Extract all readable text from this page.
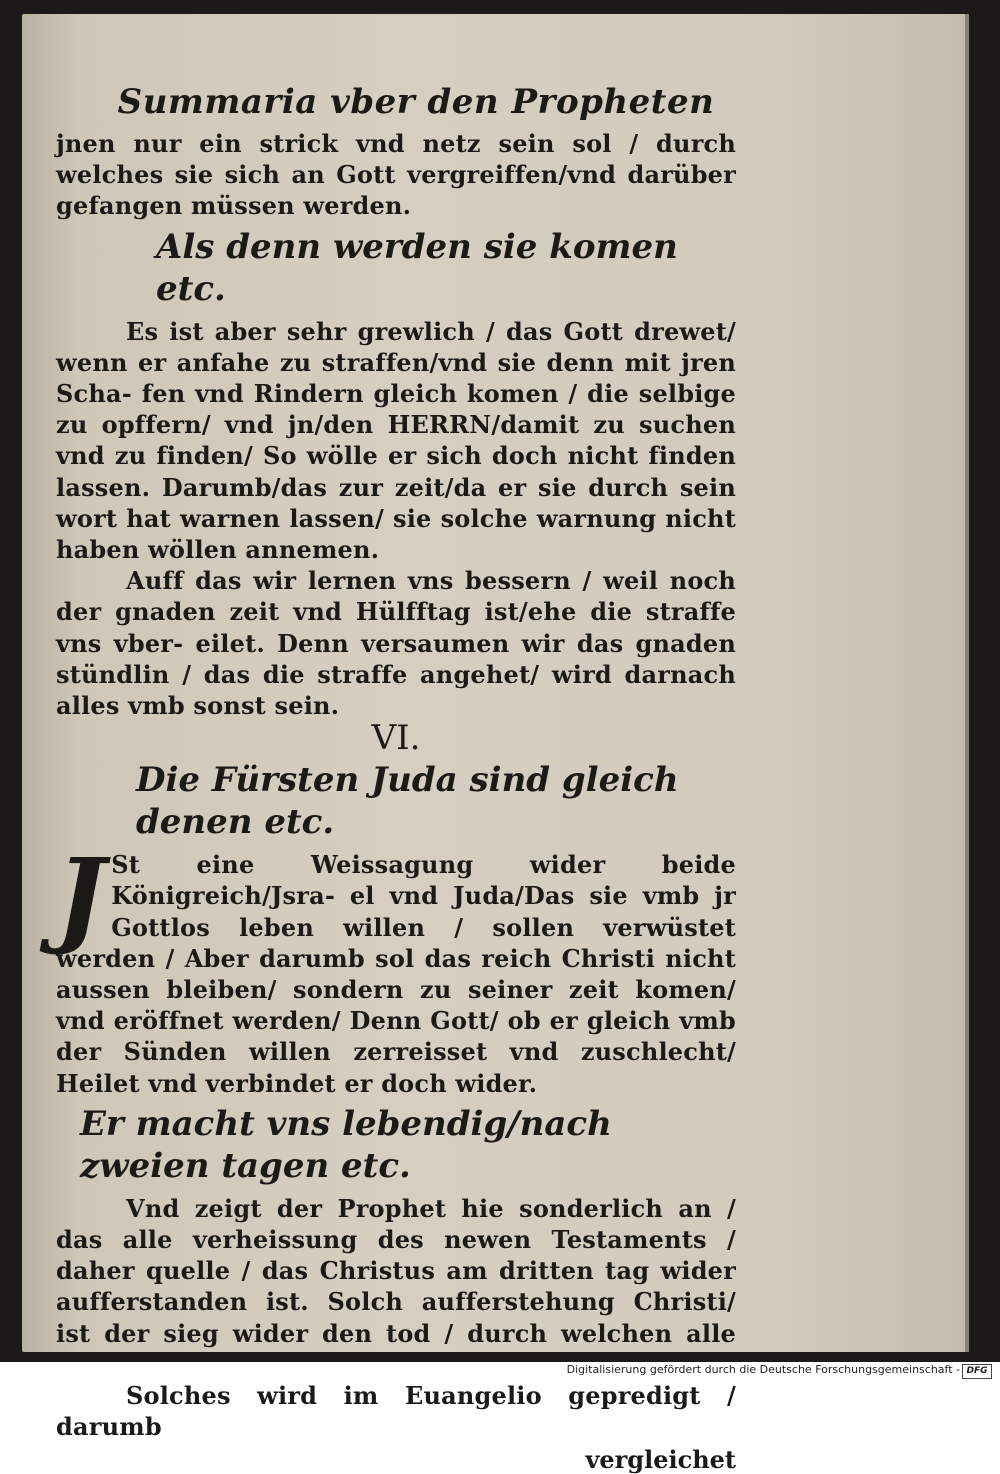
Summaria vber den Propheten

jnen nur ein strick vnd netz sein sol / durch welches sie sich an Gott vergreiffen/vnd darüber gefangen müssen werden.

Als denn werden sie komen etc.

Es ist aber sehr grewlich / das Gott drewet/ wenn er anfahe zu straffen/vnd sie denn mit jren Scha- fen vnd Rindern gleich komen / die selbige zu opffern/ vnd jn/den HERRN/damit zu suchen vnd zu finden/ So wölle er sich doch nicht finden lassen. Darumb/das zur zeit/da er sie durch sein wort hat warnen lassen/ sie solche warnung nicht haben wöllen annemen.

Auff das wir lernen vns bessern / weil noch der gnaden zeit vnd Hülfftag ist/ehe die straffe vns vber- eilet. Denn versaumen wir das gnaden stündlin / das die straffe angehet/ wird darnach alles vmb sonst sein.

VI.
Die Fürsten Juda sind gleich denen etc.
J St eine Weissagung wider beide Königreich/Jsra- el vnd Juda/Das sie vmb jr Gottlos leben willen / sollen verwüstet werden / Aber darumb sol das reich Christi nicht aussen bleiben/ sondern zu seiner zeit komen/ vnd eröffnet werden/ Denn Gott/ ob er gleich vmb der Sünden willen zerreisset vnd zuschlecht/ Heilet vnd verbindet er doch wider.

Er macht vns lebendig/nach zweien tagen etc.

Vnd zeigt der Prophet hie sonderlich an / das alle verheissung des newen Testaments / daher quelle / das Christus am dritten tag wider aufferstanden ist. Solch aufferstehung Christi/ ist der sieg wider den tod / durch welchen alle

Solches wird im Euangelio gepredigt / darumb

vergleichet
Digitalisierung gefördert durch die Deutsche Forschungsgemeinschaft - DFG
